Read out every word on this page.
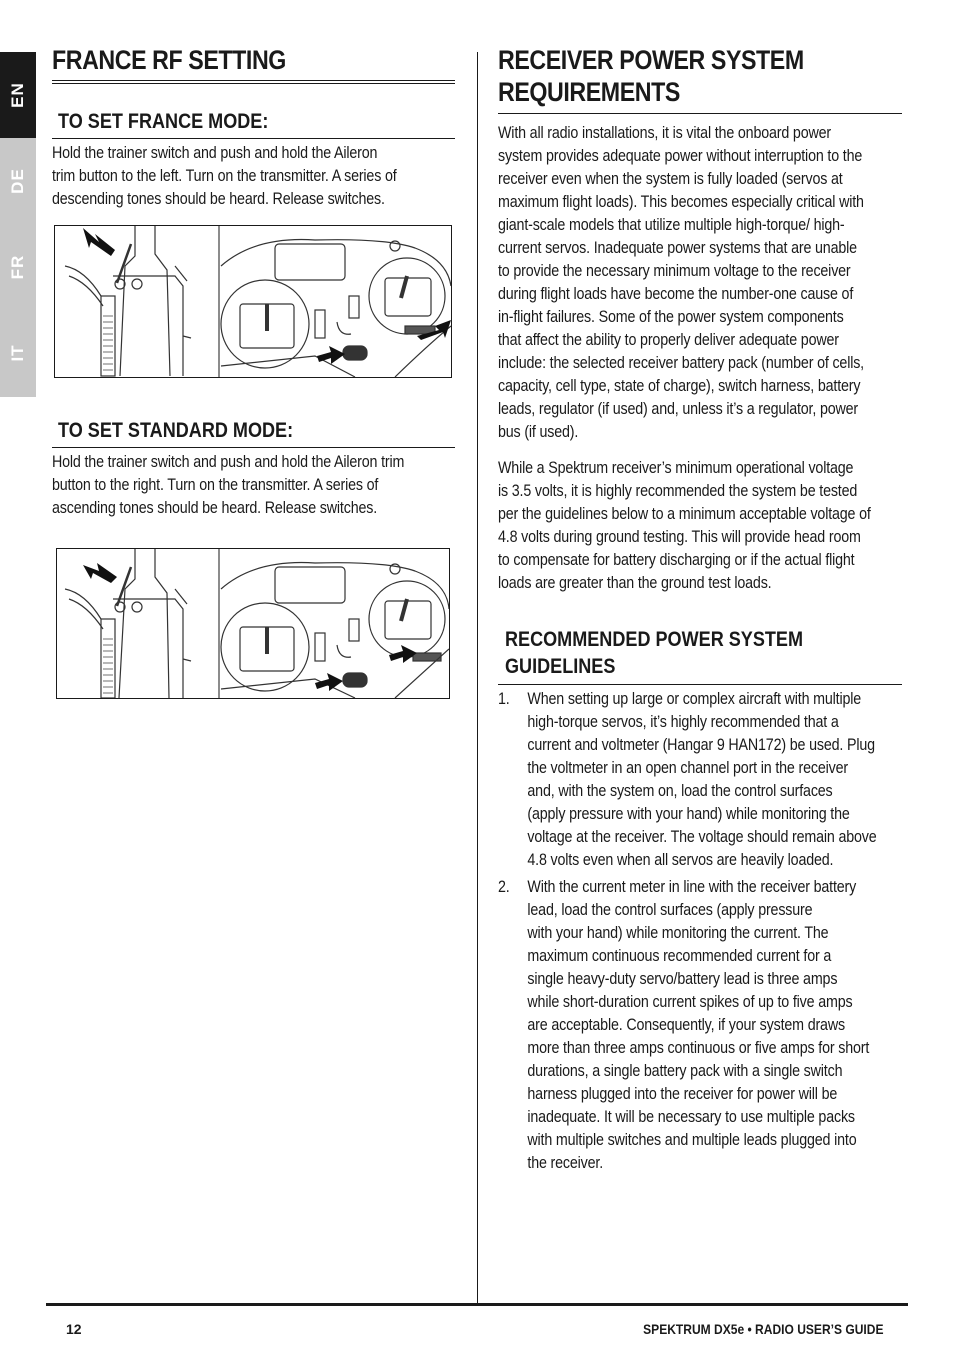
EN
DE
FR
IT
FRANCE RF SETTING
TO SET FRANCE MODE:
Hold the trainer switch and push and hold the Aileron
trim button to the left. Turn on the transmitter. A series of
descending tones should be heard. Release switches.
TO SET STANDARD MODE:
Hold the trainer switch and push and hold the Aileron trim
button to the right. Turn on the transmitter. A series of
ascending tones should be heard. Release switches.
RECEIVER POWER SYSTEM
REQUIREMENTS
With all radio installations, it is vital the onboard power
system provides adequate power without interruption to the
receiver even when the system is fully loaded (servos at
maximum flight loads). This becomes especially critical with
giant-scale models that utilize multiple high-torque/ high-
current servos. Inadequate power systems that are unable
to provide the necessary minimum voltage to the receiver
during flight loads have become the number-one cause of
in-flight failures. Some of the power system components
that affect the ability to properly deliver adequate power
include: the selected receiver battery pack (number of cells,
capacity, cell type, state of charge), switch harness, battery
leads, regulator (if used) and, unless it’s a regulator, power
bus (if used).
While a Spektrum receiver’s minimum operational voltage
is 3.5 volts, it is highly recommended the system be tested
per the guidelines below to a minimum acceptable voltage of
4.8 volts during ground testing. This will provide head room
to compensate for battery discharging or if the actual flight
loads are greater than the ground test loads.
RECOMMENDED POWER SYSTEM
GUIDELINES
1. When setting up large or complex aircraft with multiple
high-torque servos, it’s highly recommended that a
current and voltmeter (Hangar 9 HAN172) be used. Plug
the voltmeter in an open channel port in the receiver
and, with the system on, load the control surfaces
(apply pressure with your hand) while monitoring the
voltage at the receiver. The voltage should remain above
4.8 volts even when all servos are heavily loaded.
2. With the current meter in line with the receiver battery
lead, load the control surfaces (apply pressure
with your hand) while monitoring the current. The
maximum continuous recommended current for a
single heavy-duty servo/battery lead is three amps
while short-duration current spikes of up to five amps
are acceptable. Consequently, if your system draws
more than three amps continuous or five amps for short
durations, a single battery pack with a single switch
harness plugged into the receiver for power will be
inadequate. It will be necessary to use multiple packs
with multiple switches and multiple leads plugged into
the receiver.
12	SPEKTRUM DX5e • RADIO USER’S GUIDE
